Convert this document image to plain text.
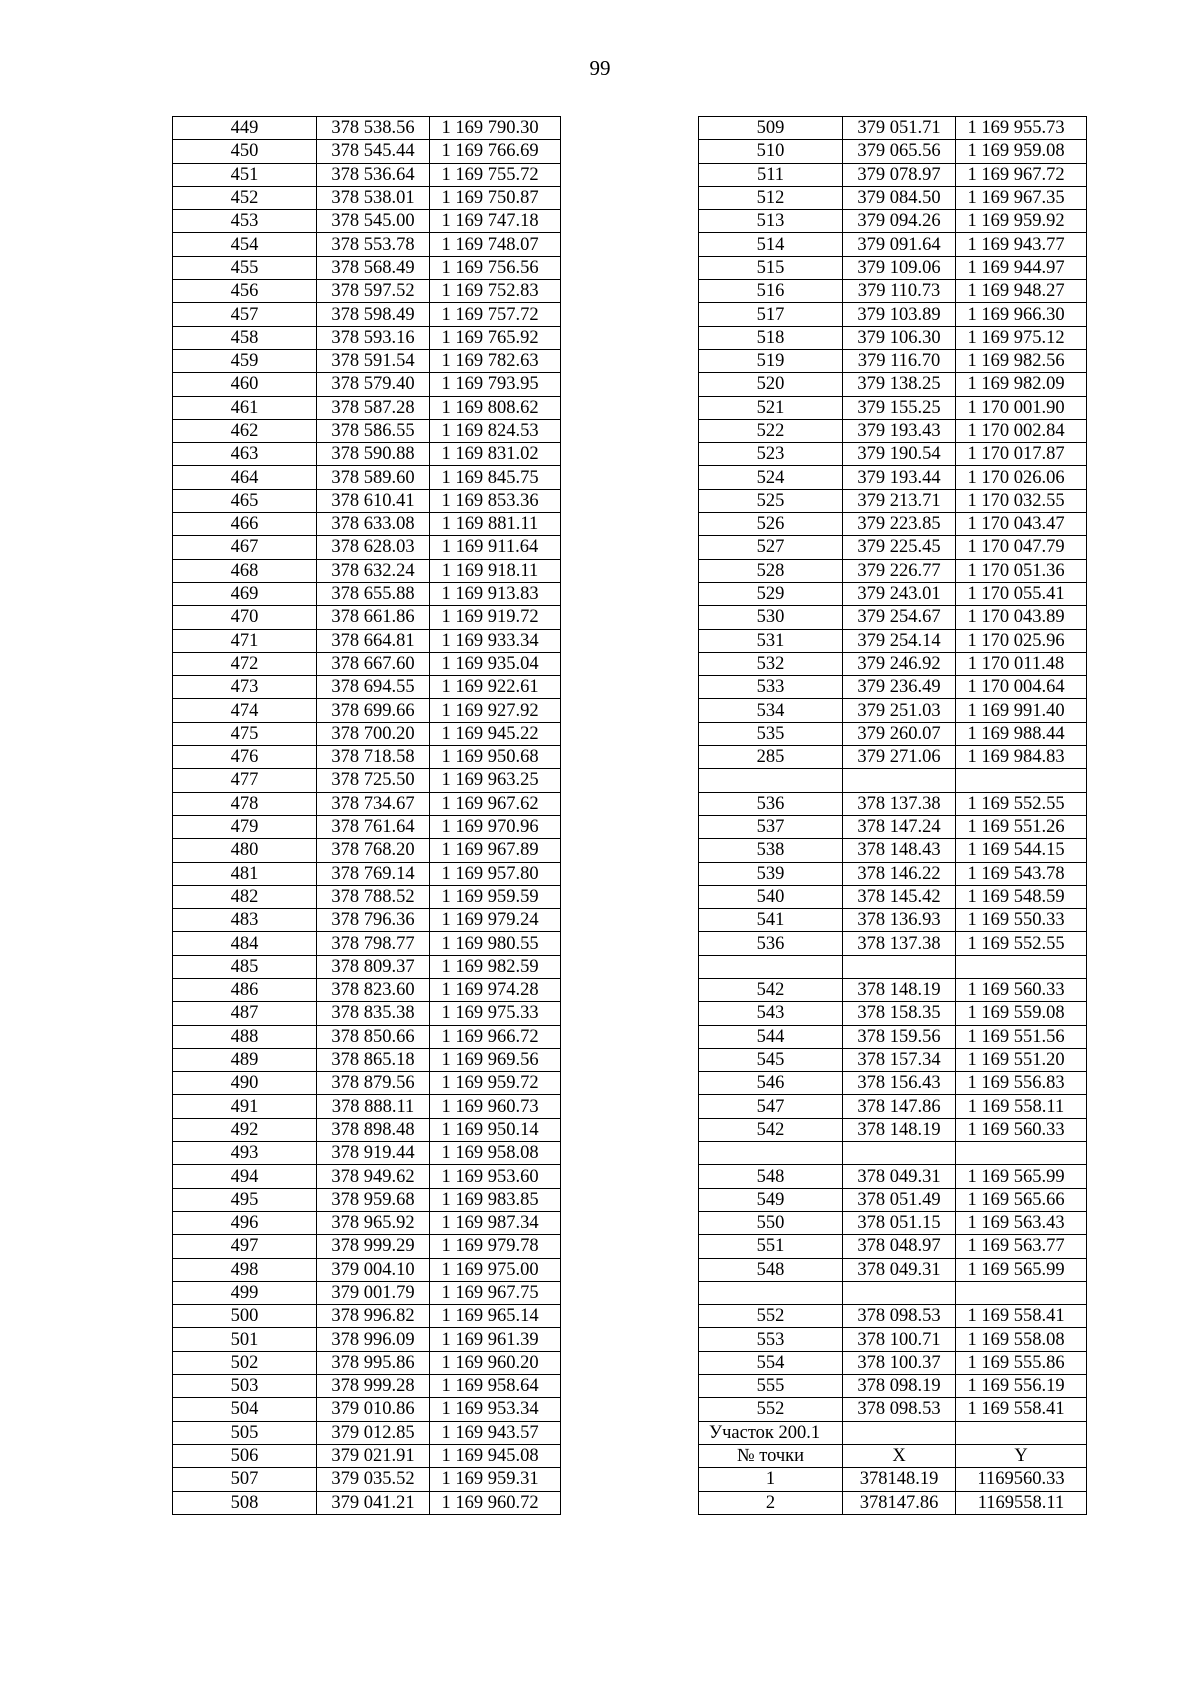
99
449	378 538.56	1 169 790.30
450	378 545.44	1 169 766.69
451	378 536.64	1 169 755.72
452	378 538.01	1 169 750.87
453	378 545.00	1 169 747.18
454	378 553.78	1 169 748.07
455	378 568.49	1 169 756.56
456	378 597.52	1 169 752.83
457	378 598.49	1 169 757.72
458	378 593.16	1 169 765.92
459	378 591.54	1 169 782.63
460	378 579.40	1 169 793.95
461	378 587.28	1 169 808.62
462	378 586.55	1 169 824.53
463	378 590.88	1 169 831.02
464	378 589.60	1 169 845.75
465	378 610.41	1 169 853.36
466	378 633.08	1 169 881.11
467	378 628.03	1 169 911.64
468	378 632.24	1 169 918.11
469	378 655.88	1 169 913.83
470	378 661.86	1 169 919.72
471	378 664.81	1 169 933.34
472	378 667.60	1 169 935.04
473	378 694.55	1 169 922.61
474	378 699.66	1 169 927.92
475	378 700.20	1 169 945.22
476	378 718.58	1 169 950.68
477	378 725.50	1 169 963.25
478	378 734.67	1 169 967.62
479	378 761.64	1 169 970.96
480	378 768.20	1 169 967.89
481	378 769.14	1 169 957.80
482	378 788.52	1 169 959.59
483	378 796.36	1 169 979.24
484	378 798.77	1 169 980.55
485	378 809.37	1 169 982.59
486	378 823.60	1 169 974.28
487	378 835.38	1 169 975.33
488	378 850.66	1 169 966.72
489	378 865.18	1 169 969.56
490	378 879.56	1 169 959.72
491	378 888.11	1 169 960.73
492	378 898.48	1 169 950.14
493	378 919.44	1 169 958.08
494	378 949.62	1 169 953.60
495	378 959.68	1 169 983.85
496	378 965.92	1 169 987.34
497	378 999.29	1 169 979.78
498	379 004.10	1 169 975.00
499	379 001.79	1 169 967.75
500	378 996.82	1 169 965.14
501	378 996.09	1 169 961.39
502	378 995.86	1 169 960.20
503	378 999.28	1 169 958.64
504	379 010.86	1 169 953.34
505	379 012.85	1 169 943.57
506	379 021.91	1 169 945.08
507	379 035.52	1 169 959.31
508	379 041.21	1 169 960.72
509	379 051.71	1 169 955.73
510	379 065.56	1 169 959.08
511	379 078.97	1 169 967.72
512	379 084.50	1 169 967.35
513	379 094.26	1 169 959.92
514	379 091.64	1 169 943.77
515	379 109.06	1 169 944.97
516	379 110.73	1 169 948.27
517	379 103.89	1 169 966.30
518	379 106.30	1 169 975.12
519	379 116.70	1 169 982.56
520	379 138.25	1 169 982.09
521	379 155.25	1 170 001.90
522	379 193.43	1 170 002.84
523	379 190.54	1 170 017.87
524	379 193.44	1 170 026.06
525	379 213.71	1 170 032.55
526	379 223.85	1 170 043.47
527	379 225.45	1 170 047.79
528	379 226.77	1 170 051.36
529	379 243.01	1 170 055.41
530	379 254.67	1 170 043.89
531	379 254.14	1 170 025.96
532	379 246.92	1 170 011.48
533	379 236.49	1 170 004.64
534	379 251.03	1 169 991.40
535	379 260.07	1 169 988.44
285	379 271.06	1 169 984.83

536	378 137.38	1 169 552.55
537	378 147.24	1 169 551.26
538	378 148.43	1 169 544.15
539	378 146.22	1 169 543.78
540	378 145.42	1 169 548.59
541	378 136.93	1 169 550.33
536	378 137.38	1 169 552.55

542	378 148.19	1 169 560.33
543	378 158.35	1 169 559.08
544	378 159.56	1 169 551.56
545	378 157.34	1 169 551.20
546	378 156.43	1 169 556.83
547	378 147.86	1 169 558.11
542	378 148.19	1 169 560.33

548	378 049.31	1 169 565.99
549	378 051.49	1 169 565.66
550	378 051.15	1 169 563.43
551	378 048.97	1 169 563.77
548	378 049.31	1 169 565.99

552	378 098.53	1 169 558.41
553	378 100.71	1 169 558.08
554	378 100.37	1 169 555.86
555	378 098.19	1 169 556.19
552	378 098.53	1 169 558.41
Участок 200.1		
№ точки	X	Y
1	378148.19	1169560.33
2	378147.86	1169558.11
